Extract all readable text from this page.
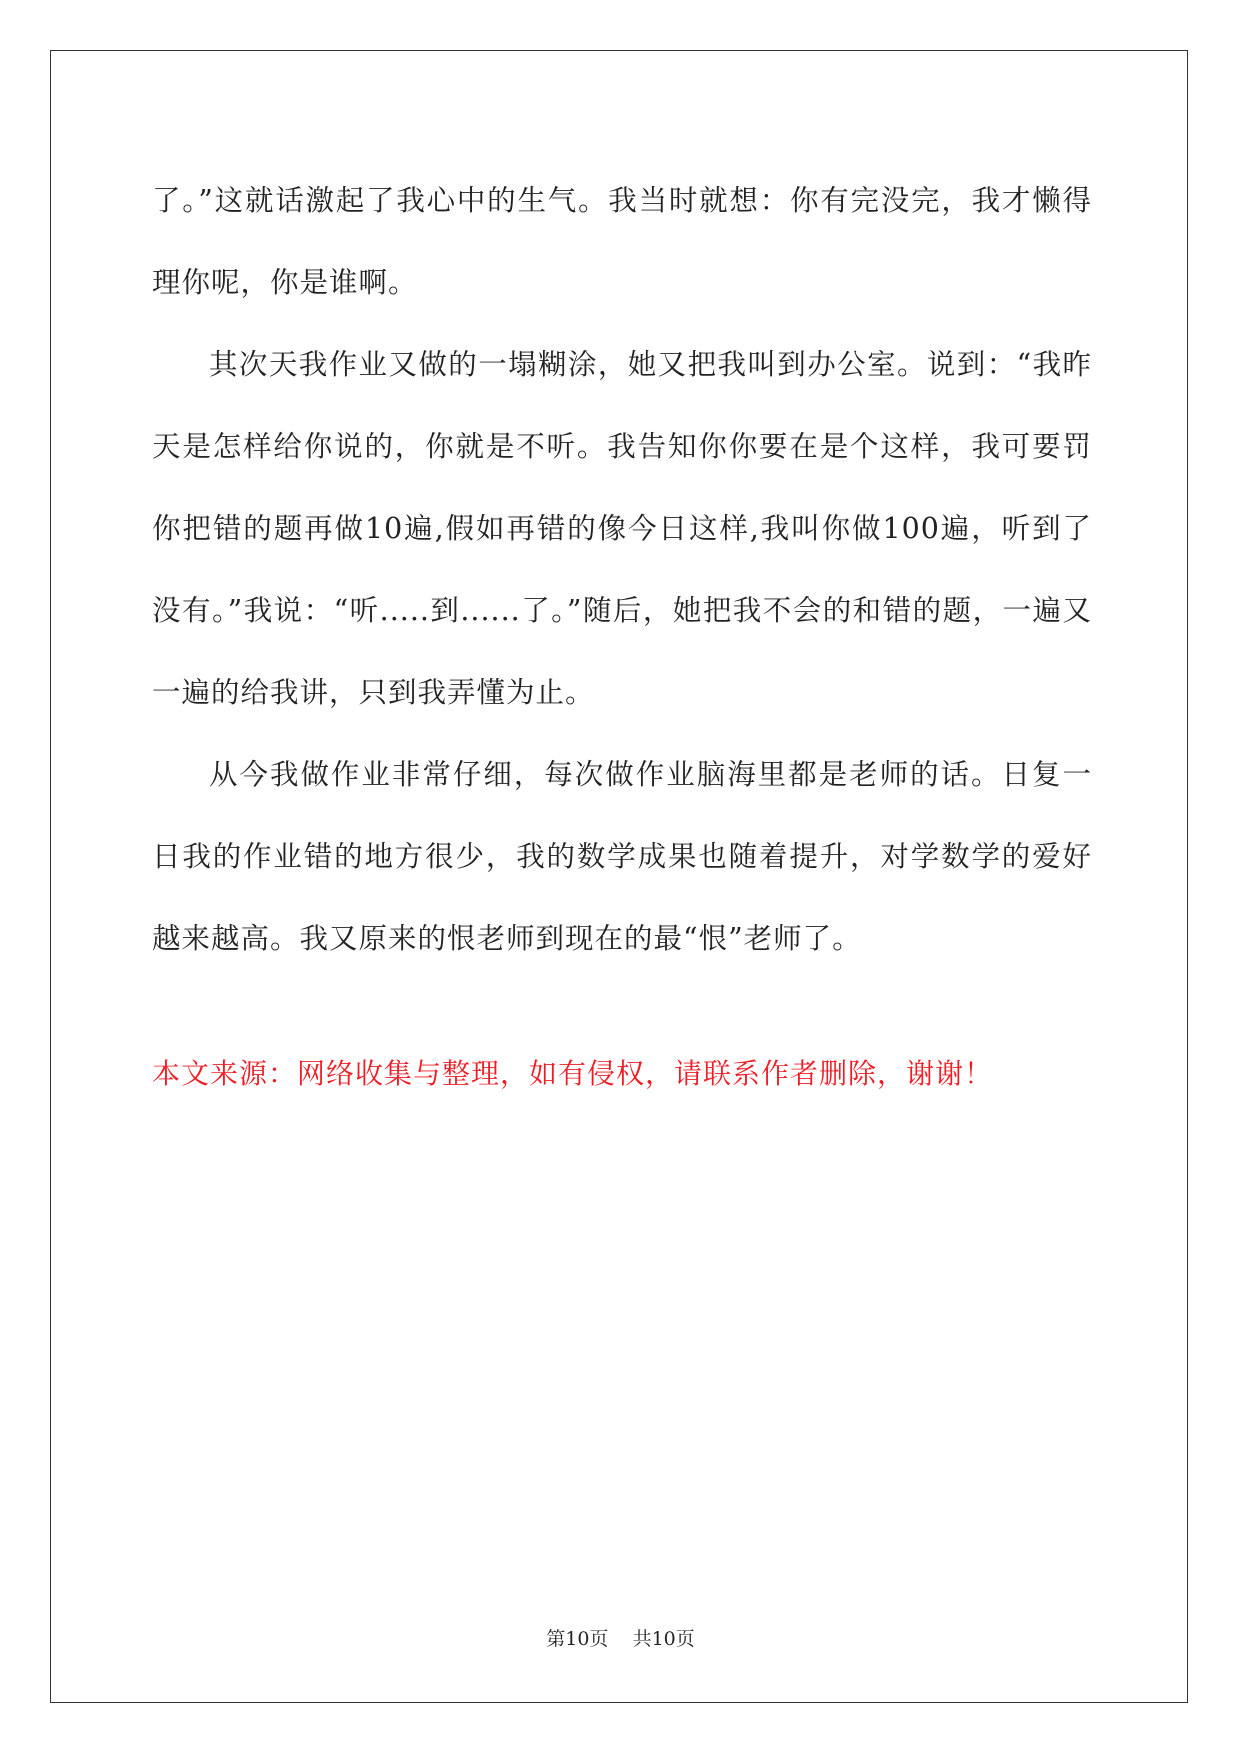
了。”这就话激起了我心中的生气。我当时就想：你有完没完，我才懒得理你呢，你是谁啊。

其次天我作业又做的一塌糊涂，她又把我叫到办公室。说到：“我昨天是怎样给你说的，你就是不听。我告知你你要在是个这样，我可要罚你把错的题再做10遍,假如再错的像今日这样,我叫你做100遍，听到了没有。”我说：“听.....到......了。”随后，她把我不会的和错的题，一遍又一遍的给我讲，只到我弄懂为止。

从今我做作业非常仔细，每次做作业脑海里都是老师的话。日复一日我的作业错的地方很少，我的数学成果也随着提升，对学数学的爱好越来越高。我又原来的恨老师到现在的最“恨”老师了。

本文来源：网络收集与整理，如有侵权，请联系作者删除，谢谢！

第10页    共10页
